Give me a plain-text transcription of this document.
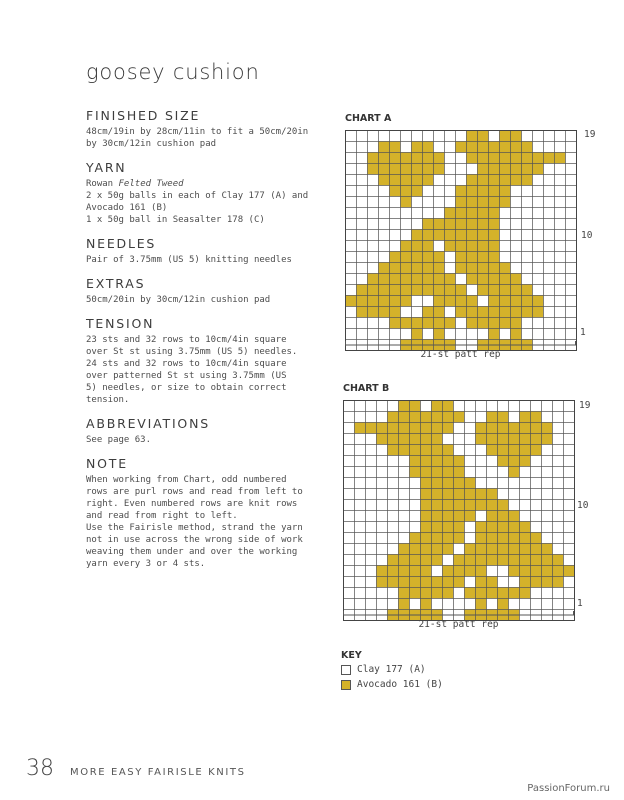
goosey cushion
FINISHED SIZE
48cm/19in by 28cm/11in to fit a 50cm/20in
by 30cm/12in cushion pad
YARN
Rowan Felted Tweed
2 x 50g balls in each of Clay 177 (A) and
Avocado 161 (B)
1 x 50g ball in Seasalter 178 (C)
NEEDLES
Pair of 3.75mm (US 5) knitting needles
EXTRAS
50cm/20in by 30cm/12in cushion pad
TENSION
23 sts and 32 rows to 10cm/4in square
over St st using 3.75mm (US 5) needles.
24 sts and 32 rows to 10cm/4in square
over patterned St st using 3.75mm (US
5) needles, or size to obtain correct
tension.
ABBREVIATIONS
See page 63.
NOTE
When working from Chart, odd numbered
rows are purl rows and read from left to
right. Even numbered rows are knit rows
and read from right to left.
Use the Fairisle method, strand the yarn
not in use across the wrong side of work
weaving them under and over the working
yarn every 3 or 4 sts.
CHART A
19
10
1
21-st patt rep
CHART B
19
10
1
21-st patt rep
KEY
Clay 177 (A)
Avocado 161 (B)
38 MORE EASY FAIRISLE KNITS
PassionForum.ru
